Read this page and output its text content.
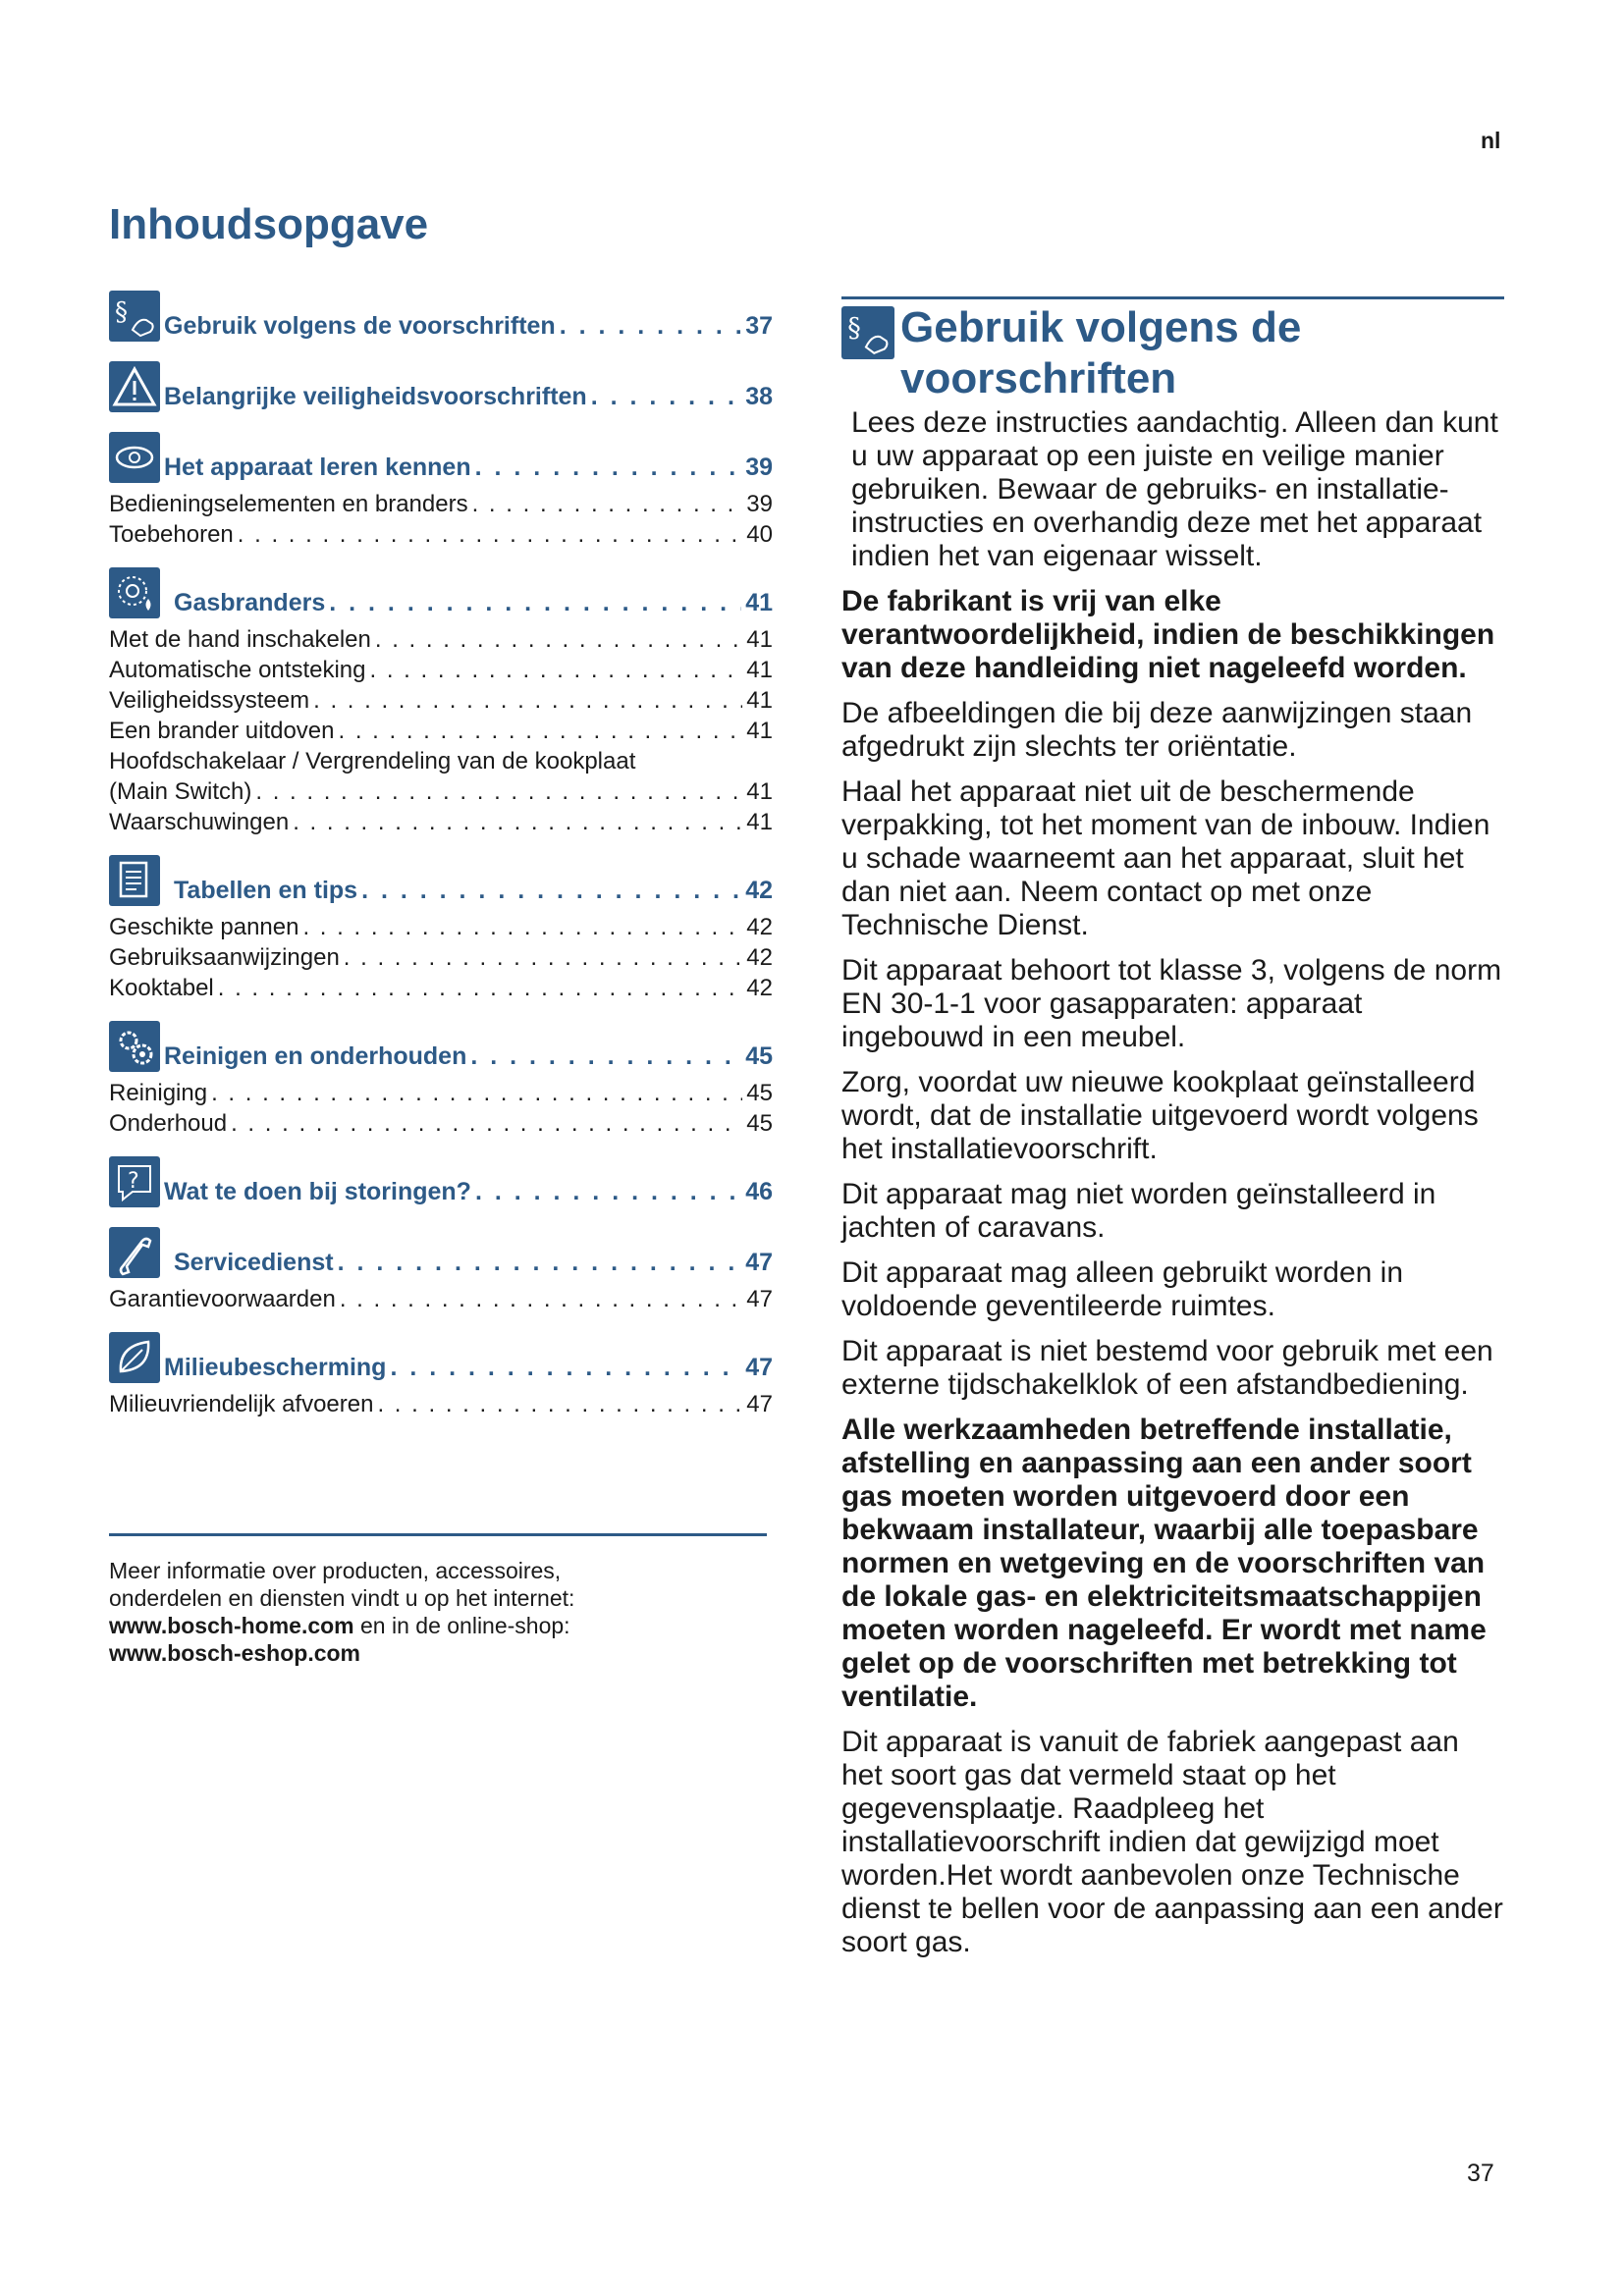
nl
Inhoudsopgave
§ Gebruik volgens de voorschriften . . .	37
Belangrijke veiligheidsvoorschriften . . .	38
Het apparaat leren kennen . . .	39
Bedieningselementen en branders . . .	39
Toebehoren . . .	40
Gasbranders . . .	41
Met de hand inschakelen . . .	41
Automatische ontsteking . . .	41
Veiligheidssysteem . . .	41
Een brander uitdoven . . .	41
Hoofdschakelaar / Vergrendeling van de kookplaat
(Main Switch) . . .	41
Waarschuwingen . . .	41
Tabellen en tips . . .	42
Geschikte pannen . . .	42
Gebruiksaanwijzingen . . .	42
Kooktabel . . .	42
Reinigen en onderhouden . . .	45
Reiniging . . .	45
Onderhoud . . .	45
? Wat te doen bij storingen? . . .	46
Servicedienst . . .	47
Garantievoorwaarden . . .	47
Milieubescherming . . .	47
Milieuvriendelijk afvoeren . . .	47
Meer informatie over producten, accessoires,
onderdelen en diensten vindt u op het internet:
www.bosch-home.com en in de online-shop:
www.bosch-eshop.com
§ Gebruik volgens de
voorschriften

Lees deze instructies aandachtig. Alleen dan kunt u uw apparaat op een juiste en veilige manier gebruiken. Bewaar de gebruiks- en installatie-instructies en overhandig deze met het apparaat indien het van eigenaar wisselt.

De fabrikant is vrij van elke verantwoordelijkheid, indien de beschikkingen van deze handleiding niet nageleefd worden.

De afbeeldingen die bij deze aanwijzingen staan afgedrukt zijn slechts ter oriëntatie.

Haal het apparaat niet uit de beschermende verpakking, tot het moment van de inbouw. Indien u schade waarneemt aan het apparaat, sluit het dan niet aan. Neem contact op met onze Technische Dienst.

Dit apparaat behoort tot klasse 3, volgens de norm EN 30-1-1 voor gasapparaten: apparaat ingebouwd in een meubel.

Zorg, voordat uw nieuwe kookplaat geïnstalleerd wordt, dat de installatie uitgevoerd wordt volgens het installatievoorschrift.

Dit apparaat mag niet worden geïnstalleerd in jachten of caravans.

Dit apparaat mag alleen gebruikt worden in voldoende geventileerde ruimtes.

Dit apparaat is niet bestemd voor gebruik met een externe tijdschakelklok of een afstandbediening.

Alle werkzaamheden betreffende installatie, afstelling en aanpassing aan een ander soort gas moeten worden uitgevoerd door een bekwaam installateur, waarbij alle toepasbare normen en wetgeving en de voorschriften van de lokale gas- en elektriciteitsmaatschappijen moeten worden nageleefd. Er wordt met name gelet op de voorschriften met betrekking tot ventilatie.

Dit apparaat is vanuit de fabriek aangepast aan het soort gas dat vermeld staat op het gegevensplaatje. Raadpleeg het installatievoorschrift indien dat gewijzigd moet worden.Het wordt aanbevolen onze Technische dienst te bellen voor de aanpassing aan een ander soort gas.

37
